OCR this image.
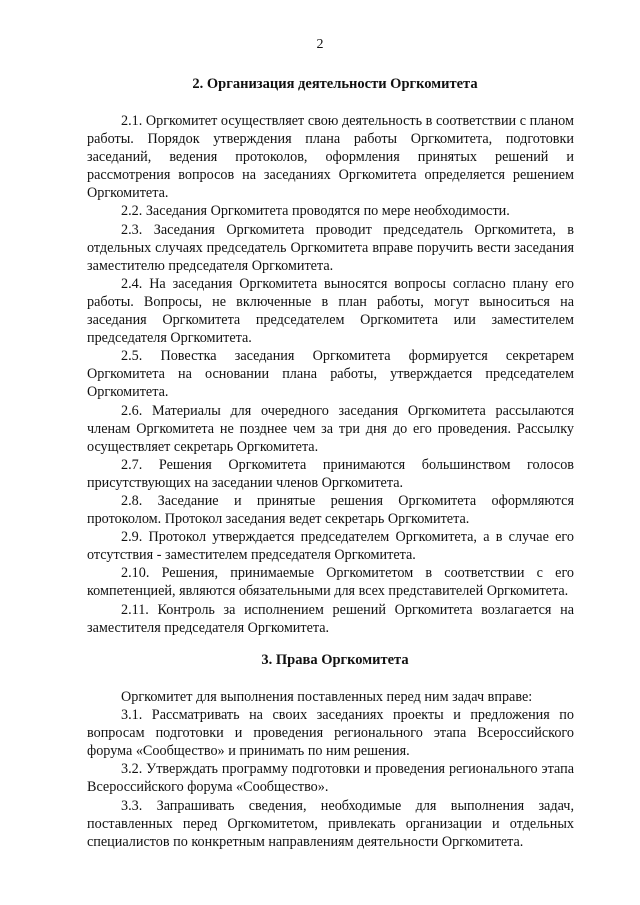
2
2. Организация деятельности Оргкомитета

2.1. Оргкомитет осуществляет свою деятельность в соответствии с планом работы. Порядок утверждения плана работы Оргкомитета, подготовки заседаний, ведения протоколов, оформления принятых решений и рассмотрения вопросов на заседаниях Оргкомитета определяется решением Оргкомитета.

2.2. Заседания Оргкомитета проводятся по мере необходимости.

2.3. Заседания Оргкомитета проводит председатель Оргкомитета, в отдельных случаях председатель Оргкомитета вправе поручить вести заседания заместителю председателя Оргкомитета.

2.4. На заседания Оргкомитета выносятся вопросы согласно плану его работы. Вопросы, не включенные в план работы, могут выноситься на заседания Оргкомитета председателем Оргкомитета или заместителем председателя Оргкомитета.

2.5. Повестка заседания Оргкомитета формируется секретарем Оргкомитета на основании плана работы, утверждается председателем Оргкомитета.

2.6. Материалы для очередного заседания Оргкомитета рассылаются членам Оргкомитета не позднее чем за три дня до его проведения. Рассылку осуществляет секретарь Оргкомитета.

2.7. Решения Оргкомитета принимаются большинством голосов присутствующих на заседании членов Оргкомитета.

2.8. Заседание и принятые решения Оргкомитета оформляются протоколом. Протокол заседания ведет секретарь Оргкомитета.

2.9. Протокол утверждается председателем Оргкомитета, а в случае его отсутствия - заместителем председателя Оргкомитета.

2.10. Решения, принимаемые Оргкомитетом в соответствии с его компетенцией, являются обязательными для всех представителей Оргкомитета.

2.11. Контроль за исполнением решений Оргкомитета возлагается на заместителя председателя Оргкомитета.

3. Права Оргкомитета

Оргкомитет для выполнения поставленных перед ним задач вправе:

3.1. Рассматривать на своих заседаниях проекты и предложения по вопросам подготовки и проведения регионального этапа Всероссийского форума «Сообщество» и принимать по ним решения.

3.2. Утверждать программу подготовки и проведения регионального этапа Всероссийского форума «Сообщество».

3.3. Запрашивать сведения, необходимые для выполнения задач, поставленных перед Оргкомитетом, привлекать организации и отдельных специалистов по конкретным направлениям деятельности Оргкомитета.
